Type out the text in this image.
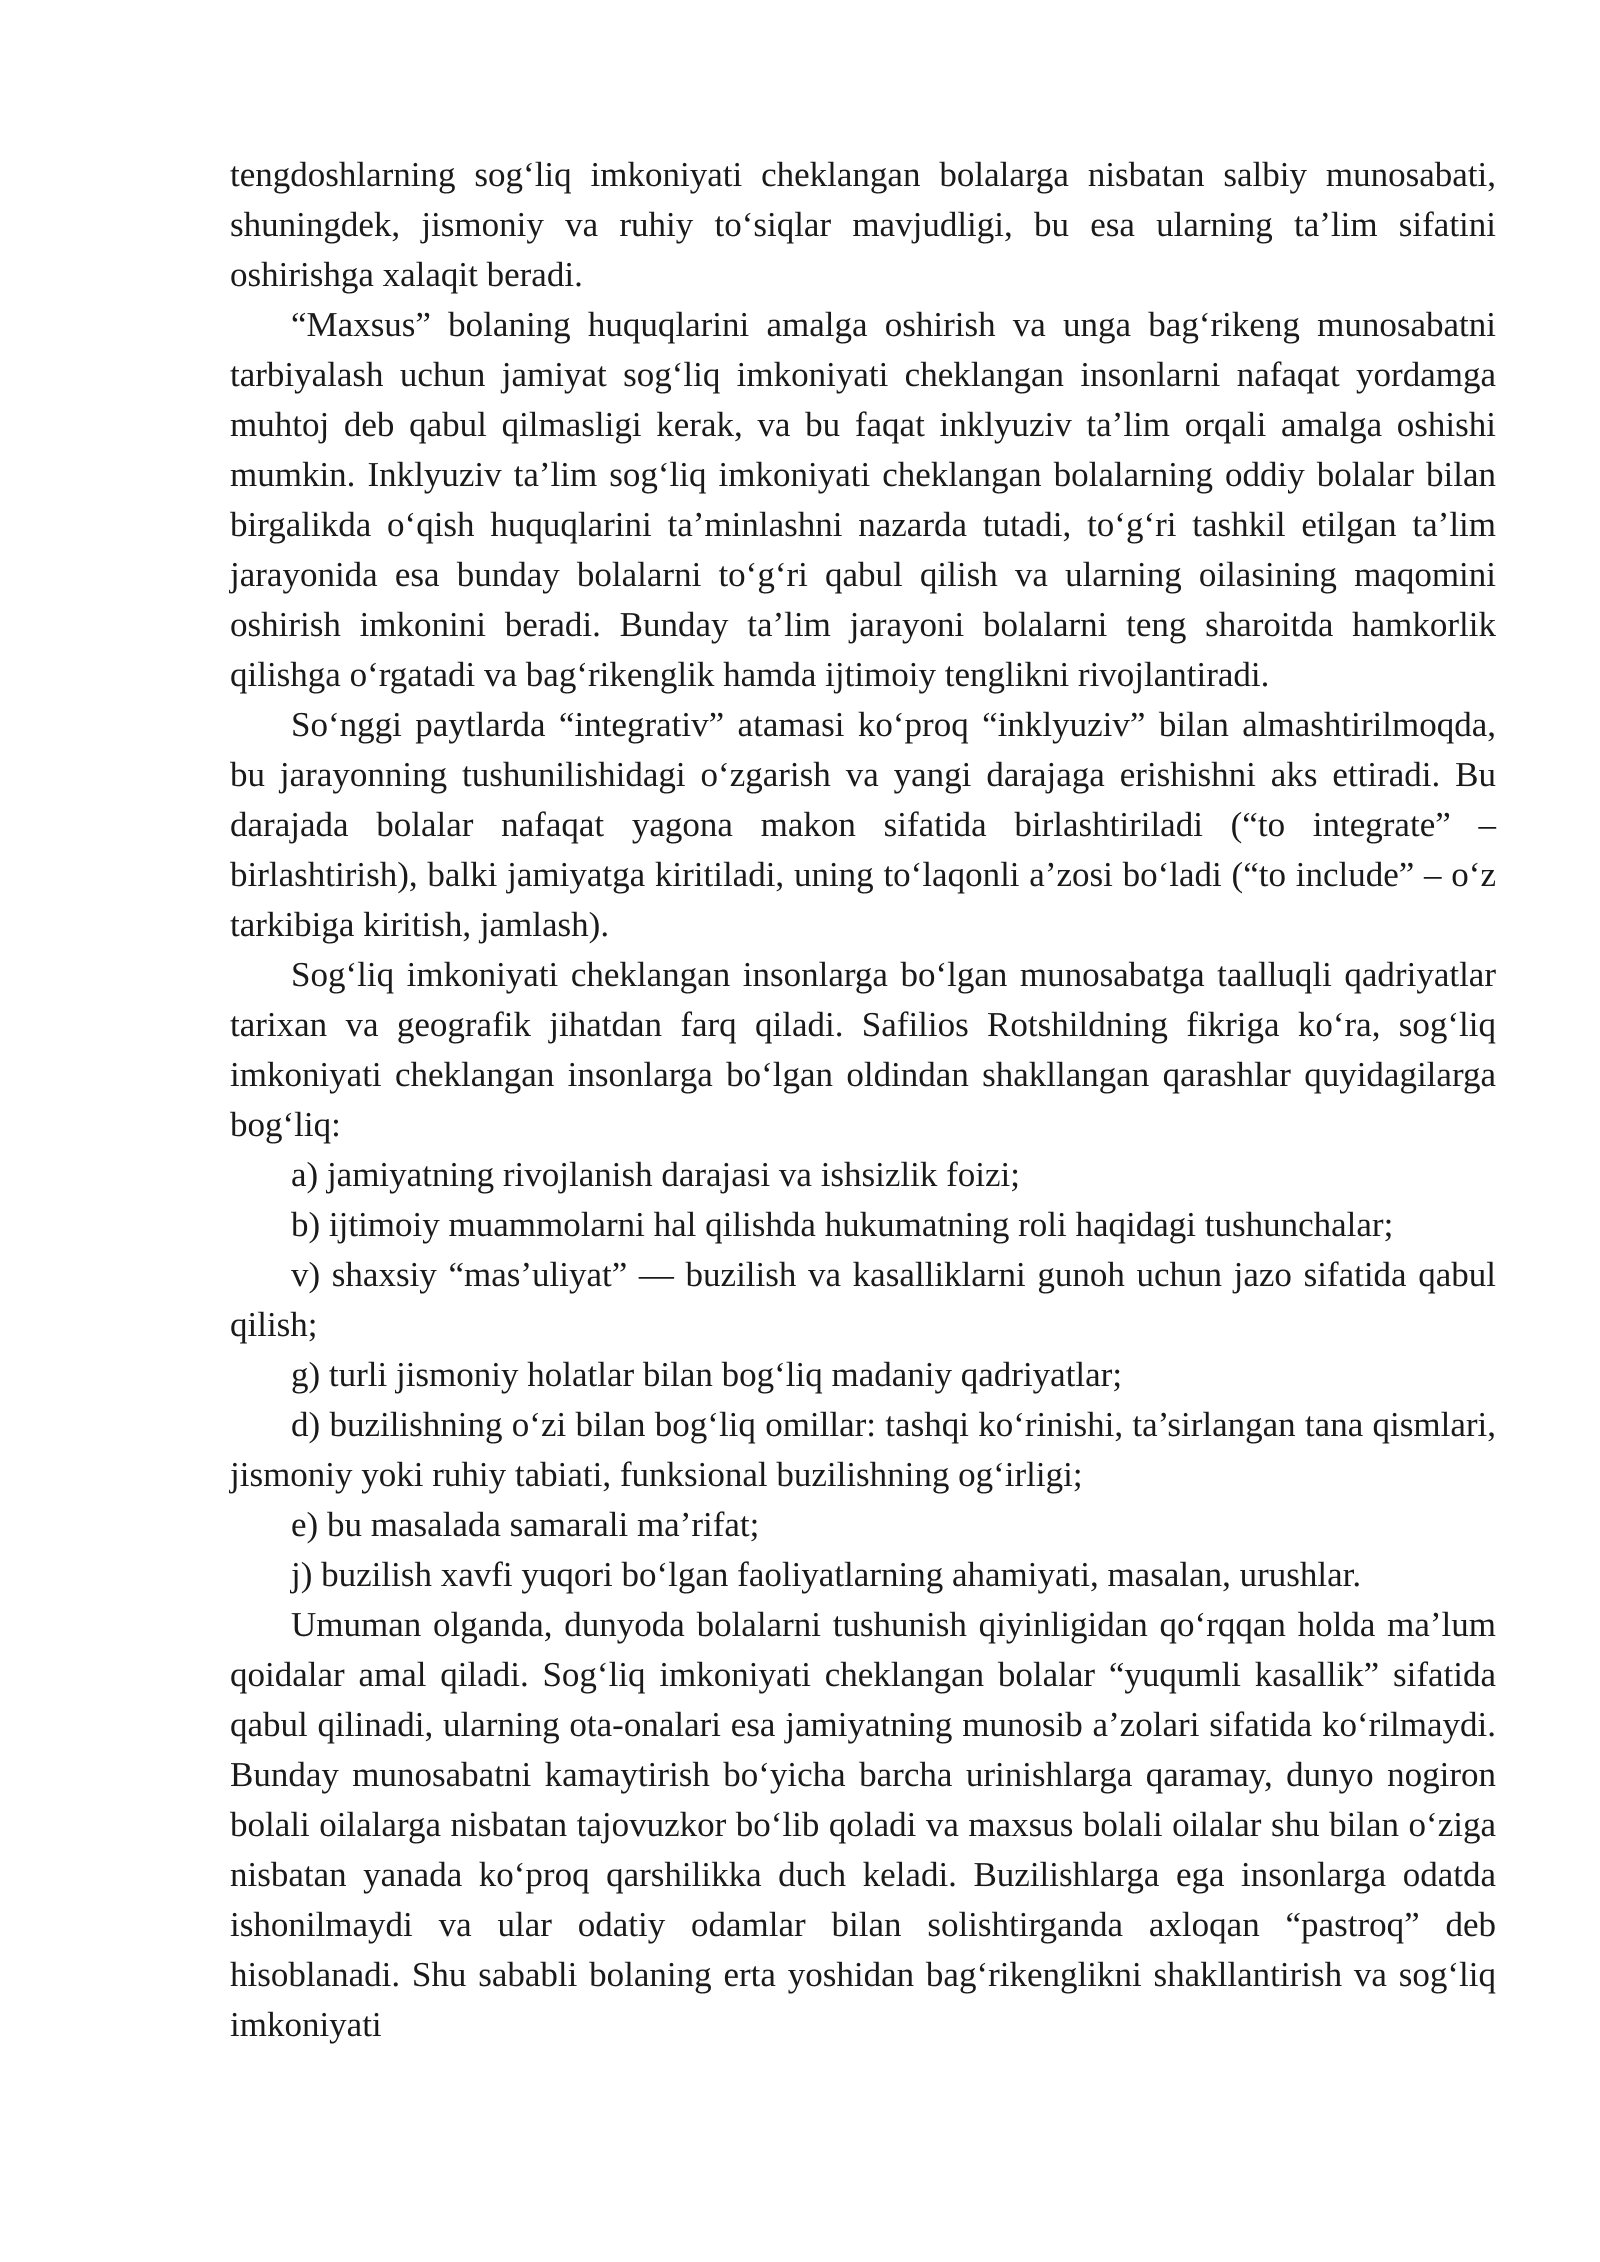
tengdoshlarning sog‘liq imkoniyati cheklangan bolalarga nisbatan salbiy munosabati, shuningdek, jismoniy va ruhiy to‘siqlar mavjudligi, bu esa ularning ta’lim sifatini oshirishga xalaqit beradi.

“Maxsus” bolaning huquqlarini amalga oshirish va unga bag‘rikeng munosabatni tarbiyalash uchun jamiyat sog‘liq imkoniyati cheklangan insonlarni nafaqat yordamga muhtoj deb qabul qilmasligi kerak, va bu faqat inklyuziv ta’lim orqali amalga oshishi mumkin. Inklyuziv ta’lim sog‘liq imkoniyati cheklangan bolalarning oddiy bolalar bilan birgalikda o‘qish huquqlarini ta’minlashni nazarda tutadi, to‘g‘ri tashkil etilgan ta’lim jarayonida esa bunday bolalarni to‘g‘ri qabul qilish va ularning oilasining maqomini oshirish imkonini beradi. Bunday ta’lim jarayoni bolalarni teng sharoitda hamkorlik qilishga o‘rgatadi va bag‘rikenglik hamda ijtimoiy tenglikni rivojlantiradi.

So‘nggi paytlarda “integrativ” atamasi ko‘proq “inklyuziv” bilan almashtirilmoqda, bu jarayonning tushunilishidagi o‘zgarish va yangi darajaga erishishni aks ettiradi. Bu darajada bolalar nafaqat yagona makon sifatida birlashtiriladi (“to integrate” – birlashtirish), balki jamiyatga kiritiladi, uning to‘laqonli a’zosi bo‘ladi (“to include” – o‘z tarkibiga kiritish, jamlash).

Sog‘liq imkoniyati cheklangan insonlarga bo‘lgan munosabatga taalluqli qadriyatlar tarixan va geografik jihatdan farq qiladi. Safilios Rotshildning fikriga ko‘ra, sog‘liq imkoniyati cheklangan insonlarga bo‘lgan oldindan shakllangan qarashlar quyidagilarga bog‘liq:

a) jamiyatning rivojlanish darajasi va ishsizlik foizi;

b) ijtimoiy muammolarni hal qilishda hukumatning roli haqidagi tushunchalar;

v) shaxsiy “mas’uliyat” — buzilish va kasalliklarni gunoh uchun jazo sifatida qabul qilish;

g) turli jismoniy holatlar bilan bog‘liq madaniy qadriyatlar;

d) buzilishning o‘zi bilan bog‘liq omillar: tashqi ko‘rinishi, ta’sirlangan tana qismlari, jismoniy yoki ruhiy tabiati, funksional buzilishning og‘irligi;

e) bu masalada samarali ma’rifat;

j) buzilish xavfi yuqori bo‘lgan faoliyatlarning ahamiyati, masalan, urushlar.

Umuman olganda, dunyoda bolalarni tushunish qiyinligidan qo‘rqqan holda ma’lum qoidalar amal qiladi. Sog‘liq imkoniyati cheklangan bolalar “yuqumli kasallik” sifatida qabul qilinadi, ularning ota-onalari esa jamiyatning munosib a’zolari sifatida ko‘rilmaydi. Bunday munosabatni kamaytirish bo‘yicha barcha urinishlarga qaramay, dunyo nogiron bolali oilalarga nisbatan tajovuzkor bo‘lib qoladi va maxsus bolali oilalar shu bilan o‘ziga nisbatan yanada ko‘proq qarshilikka duch keladi. Buzilishlarga ega insonlarga odatda ishonilmaydi va ular odatiy odamlar bilan solishtirganda axloqan “pastroq” deb hisoblanadi. Shu sababli bolaning erta yoshidan bag‘rikenglikni shakllantirish va sog‘liq imkoniyati
